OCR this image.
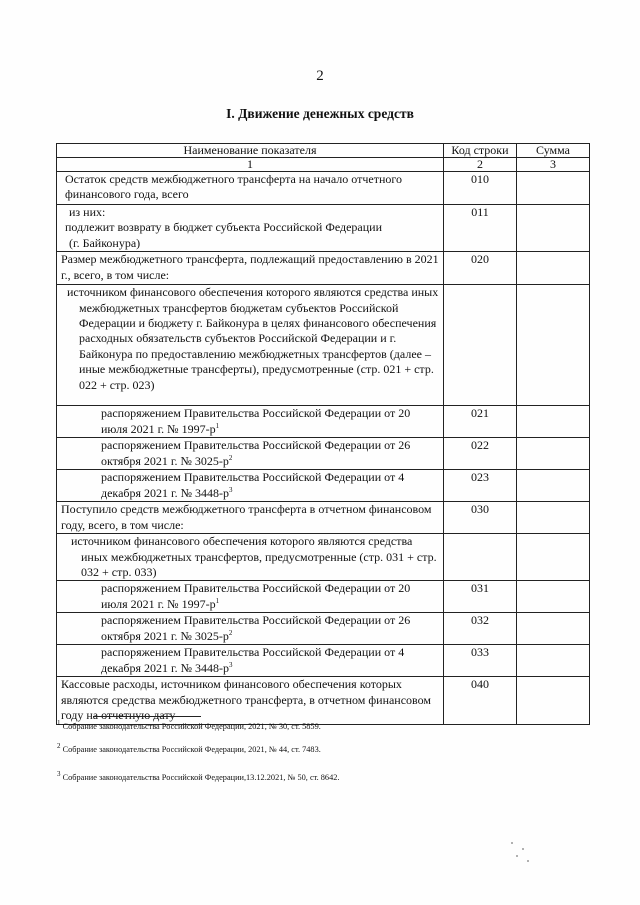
2
I. Движение денежных средств
Наименование показателя	Код строки	Сумма
1	2	3
Остаток средств межбюджетного трансферта на начало отчетного финансового года, всего	010	

из них:
подлежит возврату в бюджет субъекта Российской Федерации
(г. Байконура)	011	
Размер межбюджетного трансферта, подлежащий предоставлению в 2021 г., всего, в том числе:	020	
источником финансового обеспечения которого являются средства иных межбюджетных трансфертов бюджетам субъектов Российской Федерации и бюджету г. Байконура в целях финансового обеспечения расходных обязательств субъектов Российской Федерации и г. Байконура по предоставлению межбюджетных трансфертов (далее – иные межбюджетные трансферты), предусмотренные (стр. 021 + стр. 022 + стр. 023)		
распоряжением Правительства Российской Федерации от 20 июля 2021 г. № $1997-р^1$	021	
распоряжением Правительства Российской Федерации от 26 октября 2021 г. № $3025-р^2$	022	
распоряжением Правительства Российской Федерации от 4 декабря 2021 г. № $3448-р^3$	023	
Поступило средств межбюджетного трансферта в отчетном финансовом году, всего, в том числе:	030	
источником финансового обеспечения которого являются средства иных межбюджетных трансфертов, предусмотренные (стр. 031 + стр. 032 + стр. 033)		
распоряжением Правительства Российской Федерации от 20 июля 2021 г. № $1997-р^1$	031	
распоряжением Правительства Российской Федерации от 26 октября 2021 г. № $3025-р^2$	032	
распоряжением Правительства Российской Федерации от 4 декабря 2021 г. № $3448-р^3$	033	
Кассовые расходы, источником финансового обеспечения которых являются средства межбюджетного трансферта, в отчетном финансовом году на отчетную дату	040	
$^1$ Собрание законодательства Российской Федерации, 2021, № 30, ст. 5859.
$^2$ Собрание законодательства Российской Федерации, 2021, № 44, ст. 7483.
$^3$ Собрание законодательства Российской Федерации,13.12.2021, № 50, ст. 8642.
